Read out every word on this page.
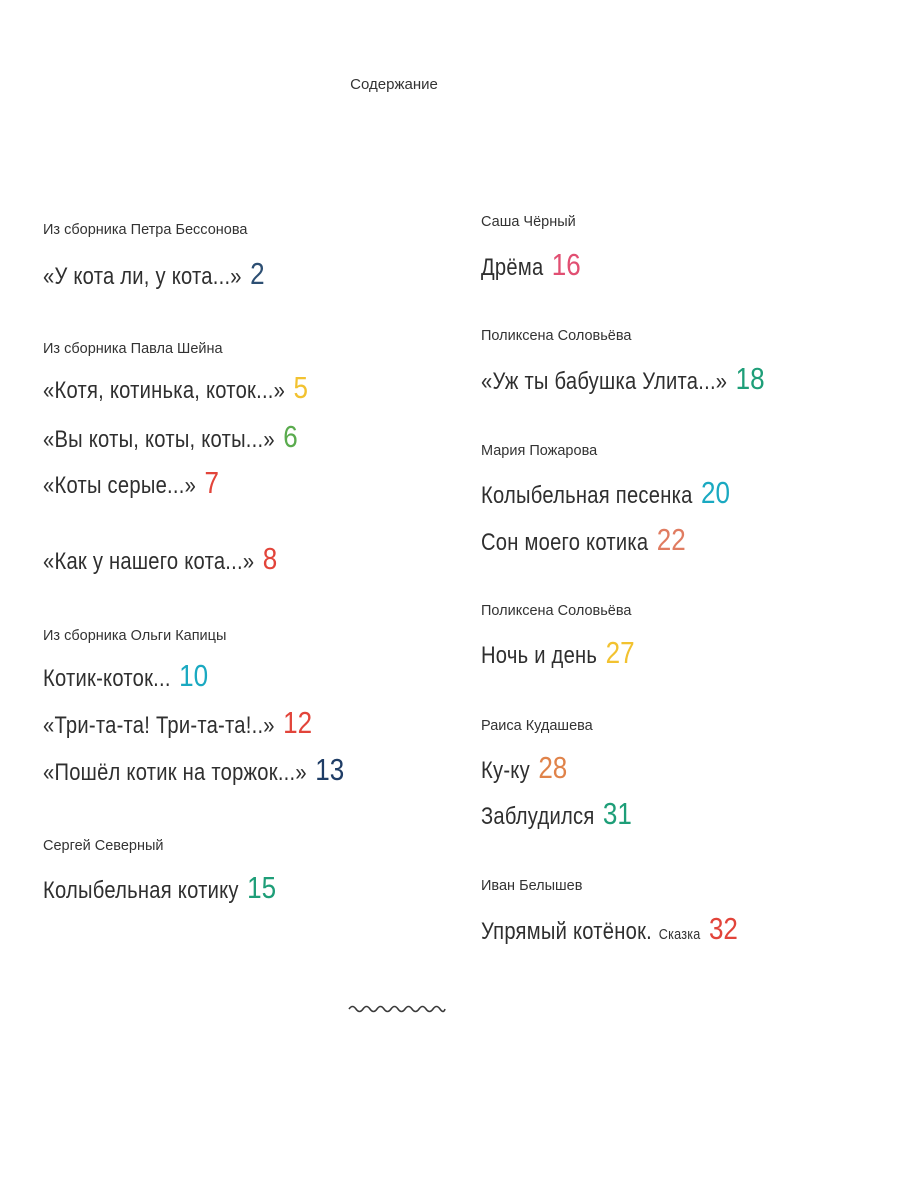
Содержание
Из сборника Петра Бессонова
«У кота ли, у кота...» 2
Из сборника Павла Шейна
«Котя, котинька, коток...» 5
«Вы коты, коты, коты...» 6
«Коты серые...» 7
«Как у нашего кота...» 8
Из сборника Ольги Капицы
Котик-коток... 10
«Три-та-та! Три-та-та!..» 12
«Пошёл котик на торжок...» 13
Сергей Северный
Колыбельная котику 15
Саша Чёрный
Дрёма 16
Поликсена Соловьёва
«Уж ты бабушка Улита...» 18
Мария Пожарова
Колыбельная песенка 20
Сон моего котика 22
Поликсена Соловьёва
Ночь и день 27
Раиса Кудашева
Ку-ку 28
Заблудился 31
Иван Белышев
Упрямый котёнок. Сказка 32
